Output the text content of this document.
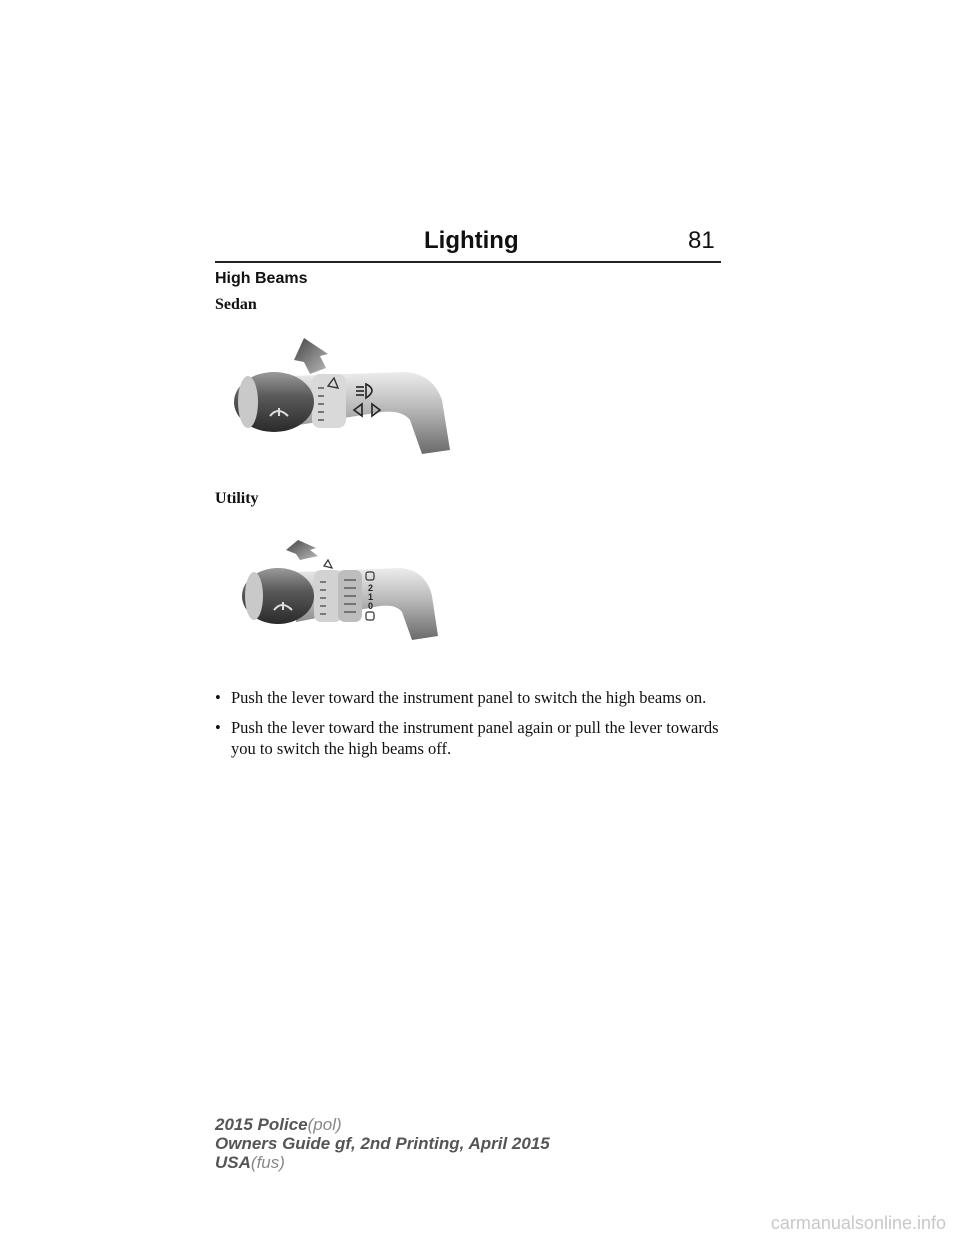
Lighting	81
High Beams
Sedan
Utility
2
1
0
• Push the lever toward the instrument panel to switch the high beams on.
• Push the lever toward the instrument panel again or pull the lever towards you to switch the high beams off.
2015 Police(pol)
Owners Guide gf, 2nd Printing, April 2015
USA(fus)
carmanualsonline.info
